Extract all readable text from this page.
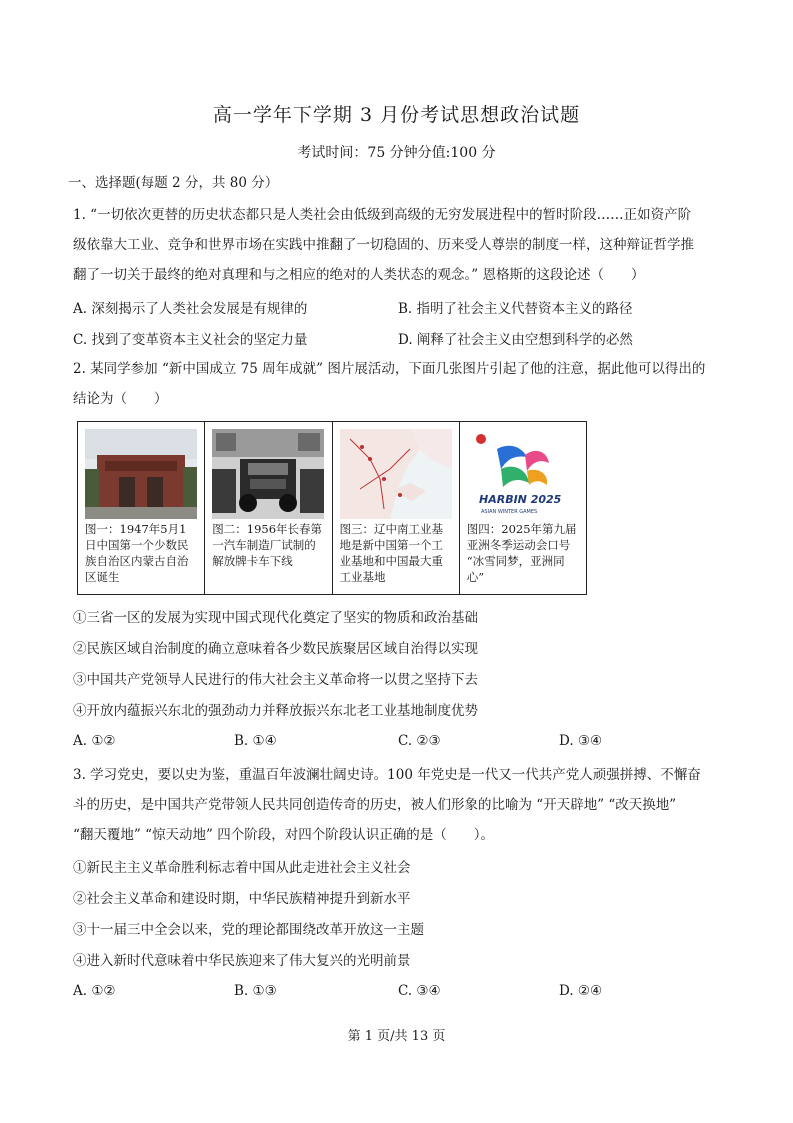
高一学年下学期 3 月份考试思想政治试题
考试时间：75 分钟分值:100 分
一、选择题(每题 2 分，共 80 分）
1. “一切依次更替的历史状态都只是人类社会由低级到高级的无穷发展进程中的暂时阶段……正如资产阶
级依靠大工业、竞争和世界市场在实践中推翻了一切稳固的、历来受人尊崇的制度一样，这种辩证哲学推
翻了一切关于最终的绝对真理和与之相应的绝对的人类状态的观念。” 恩格斯的这段论述（　　）
A. 深刻揭示了人类社会发展是有规律的	B. 指明了社会主义代替资本主义的路径
C. 找到了变革资本主义社会的坚定力量	D. 阐释了社会主义由空想到科学的必然
2. 某同学参加 “新中国成立 75 周年成就” 图片展活动，下面几张图片引起了他的注意，据此他可以得出的
结论为（　　）
图一：1947年5月1日中国第一个少数民族自治区内蒙古自治区诞生
图二：1956年长春第一汽车制造厂试制的解放牌卡车下线
图三：辽中南工业基地是新中国第一个工业基地和中国最大重工业基地
HARBIN 2025
ASIAN WINTER GAMES
图四：2025年第九届亚洲冬季运动会口号 “冰雪同梦，亚洲同心”
①三省一区的发展为实现中国式现代化奠定了坚实的物质和政治基础
②民族区域自治制度的确立意味着各少数民族聚居区域自治得以实现
③中国共产党领导人民进行的伟大社会主义革命将一以贯之坚持下去
④开放内蕴振兴东北的强劲动力并释放振兴东北老工业基地制度优势
A. ①②	B. ①④	C. ②③	D. ③④
3. 学习党史，要以史为鉴，重温百年波澜壮阔史诗。100 年党史是一代又一代共产党人顽强拼搏、不懈奋
斗的历史，是中国共产党带领人民共同创造传奇的历史，被人们形象的比喻为 “开天辟地” “改天换地”
“翻天覆地” “惊天动地” 四个阶段，对四个阶段认识正确的是（　　）。
①新民主主义革命胜利标志着中国从此走进社会主义社会
②社会主义革命和建设时期，中华民族精神提升到新水平
③十一届三中全会以来，党的理论都围绕改革开放这一主题
④进入新时代意味着中华民族迎来了伟大复兴的光明前景
A. ①②	B. ①③	C. ③④	D. ②④
第 1 页/共 13 页
